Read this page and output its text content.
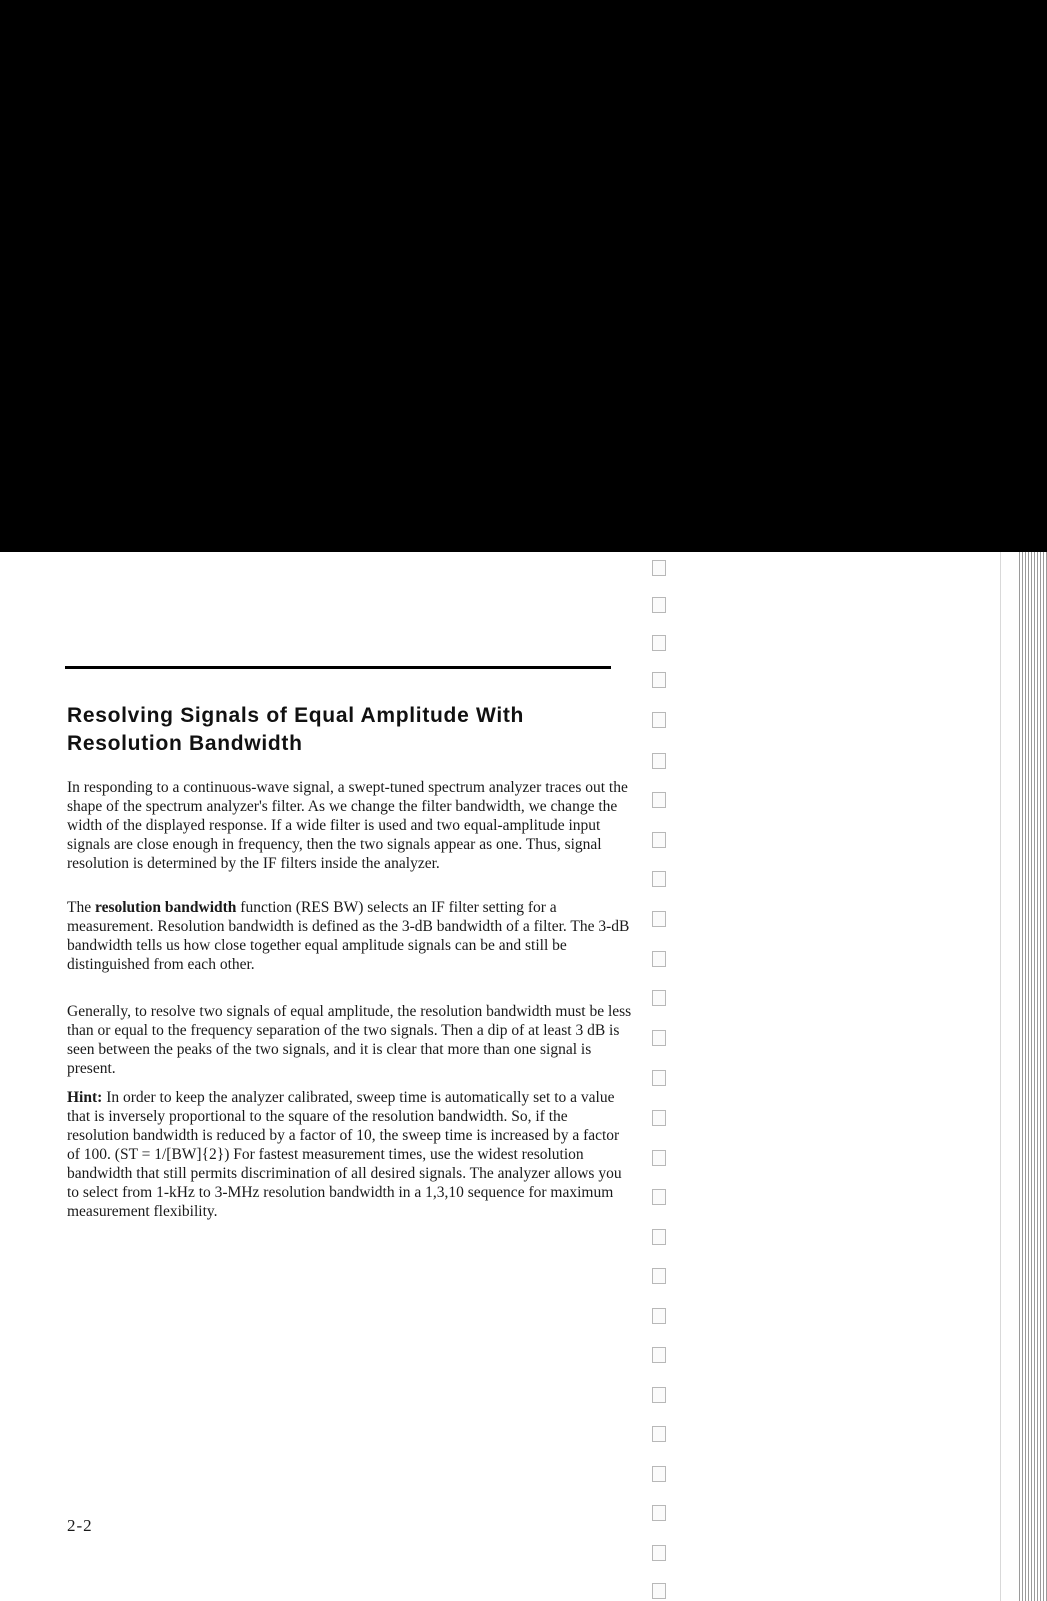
Resolving Signals of Equal Amplitude With Resolution Bandwidth

In responding to a continuous-wave signal, a swept-tuned spectrum analyzer traces out the shape of the spectrum analyzer's filter. As we change the filter bandwidth, we change the width of the displayed response. If a wide filter is used and two equal-amplitude input signals are close enough in frequency, then the two signals appear as one. Thus, signal resolution is determined by the IF filters inside the analyzer.

The resolution bandwidth function (RES BW) selects an IF filter setting for a measurement. Resolution bandwidth is defined as the 3-dB bandwidth of a filter. The 3-dB bandwidth tells us how close together equal amplitude signals can be and still be distinguished from each other.

Generally, to resolve two signals of equal amplitude, the resolution bandwidth must be less than or equal to the frequency separation of the two signals. Then a dip of at least 3 dB is seen between the peaks of the two signals, and it is clear that more than one signal is present.

Hint: In order to keep the analyzer calibrated, sweep time is automatically set to a value that is inversely proportional to the square of the resolution bandwidth. So, if the resolution bandwidth is reduced by a factor of 10, the sweep time is increased by a factor of 100. (ST = 1/[BW]{2}) For fastest measurement times, use the widest resolution bandwidth that still permits discrimination of all desired signals. The analyzer allows you to select from 1-kHz to 3-MHz resolution bandwidth in a 1,3,10 sequence for maximum measurement flexibility.

2-2
